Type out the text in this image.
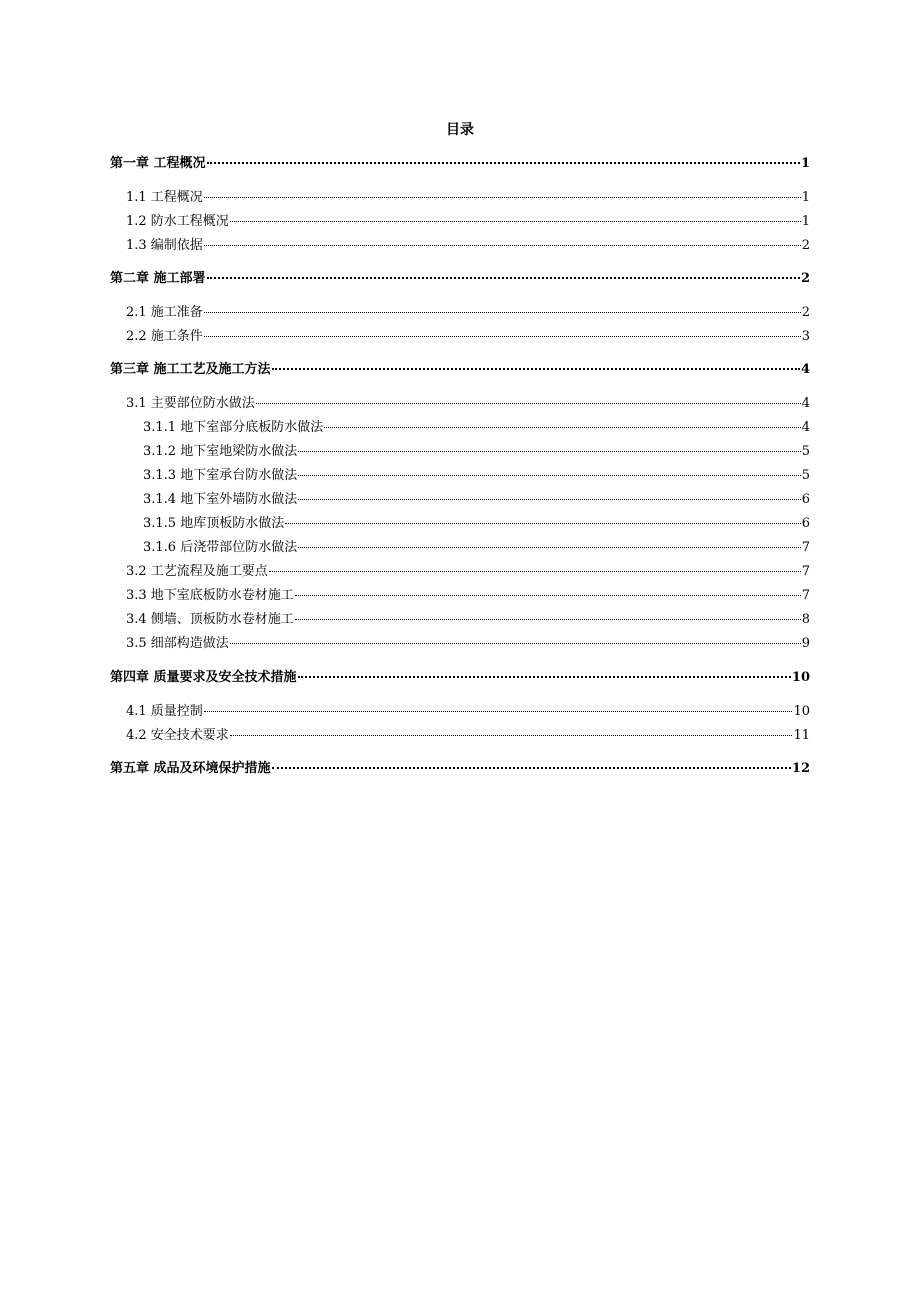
目录
第一章 工程概况	1
1.1 工程概况	1
1.2 防水工程概况	1
1.3 编制依据	2
第二章 施工部署	2
2.1 施工准备	2
2.2 施工条件	3
第三章 施工工艺及施工方法	4
3.1 主要部位防水做法	4
3.1.1 地下室部分底板防水做法	4
3.1.2 地下室地梁防水做法	5
3.1.3 地下室承台防水做法	5
3.1.4 地下室外墙防水做法	6
3.1.5 地库顶板防水做法	6
3.1.6 后浇带部位防水做法	7
3.2 工艺流程及施工要点	7
3.3 地下室底板防水卷材施工	7
3.4 侧墙、顶板防水卷材施工	8
3.5 细部构造做法	9
第四章 质量要求及安全技术措施	10
4.1 质量控制	10
4.2 安全技术要求	11
第五章 成品及环境保护措施	12
